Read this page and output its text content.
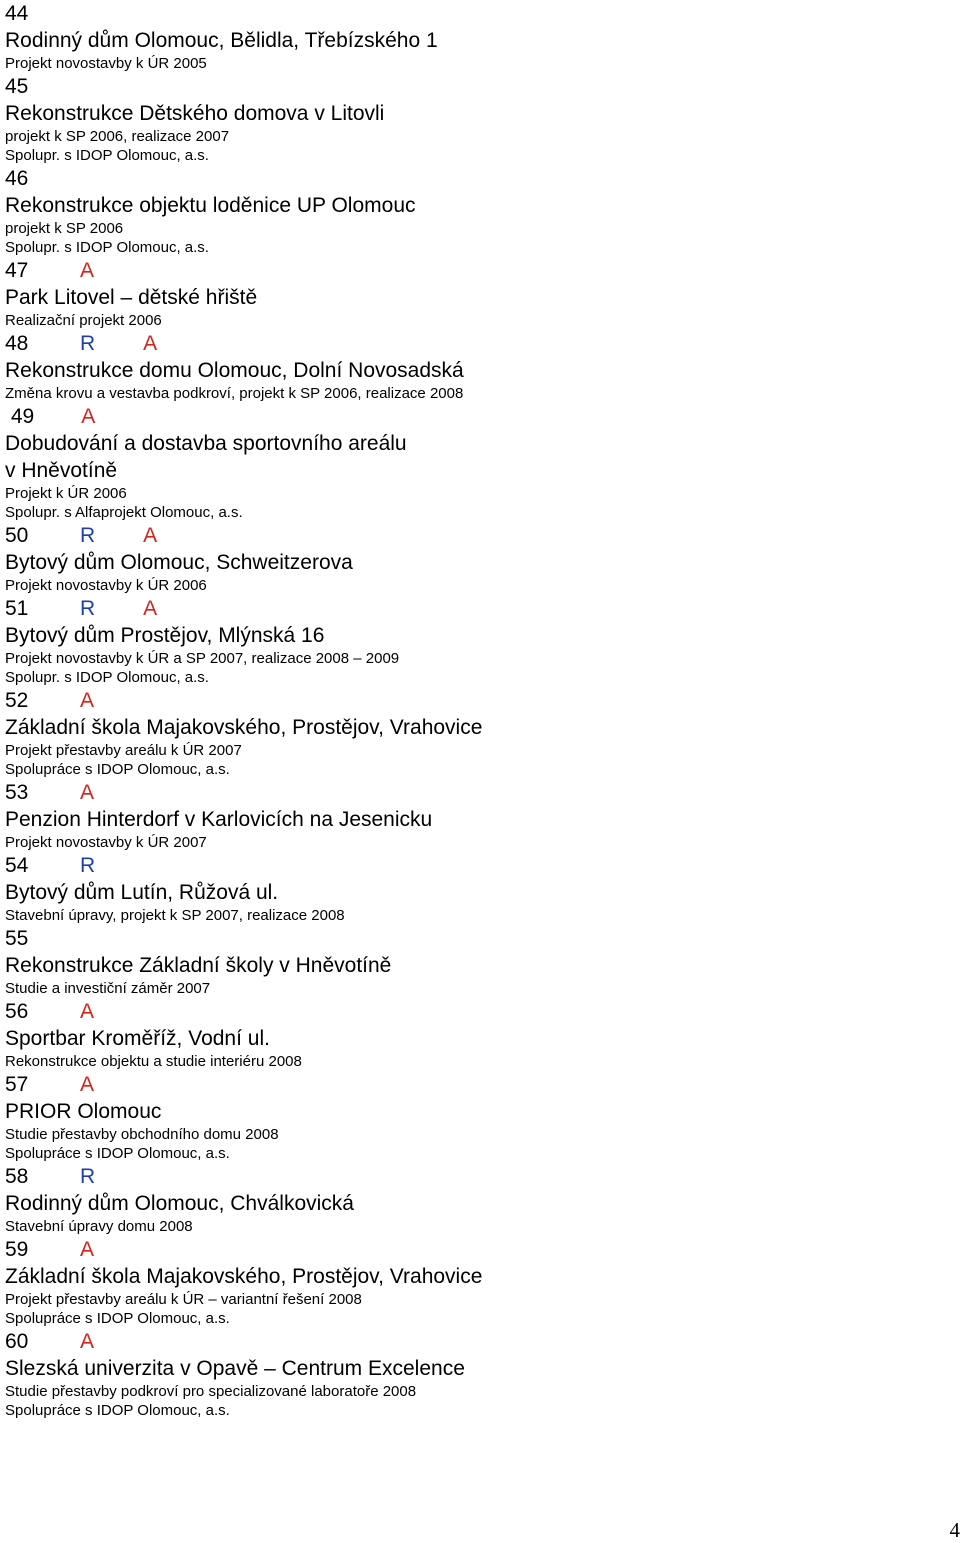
44
Rodinný dům Olomouc, Bělidla, Třebízského 1
Projekt novostavby k ÚR 2005
45
Rekonstrukce Dětského domova v Litovli
projekt k SP 2006, realizace 2007
Spolupr. s IDOP Olomouc, a.s.
46
Rekonstrukce objektu loděnice UP Olomouc
projekt k SP 2006
Spolupr. s IDOP Olomouc, a.s.
47 A
Park Litovel – dětské hřiště
Realizační projekt 2006
48 R A
Rekonstrukce domu Olomouc, Dolní Novosadská
Změna krovu a vestavba podkroví, projekt k SP 2006, realizace 2008
49 A
Dobudování a dostavba sportovního areálu
v Hněvotíně
Projekt k ÚR 2006
Spolupr. s Alfaprojekt Olomouc, a.s.
50 R A
Bytový dům Olomouc, Schweitzerova
Projekt novostavby k ÚR 2006
51 R A
Bytový dům Prostějov, Mlýnská 16
Projekt novostavby k ÚR a SP 2007, realizace 2008 – 2009
Spolupr. s IDOP Olomouc, a.s.
52 A
Základní škola Majakovského, Prostějov, Vrahovice
Projekt přestavby areálu k ÚR 2007
Spolupráce s IDOP Olomouc, a.s.
53 A
Penzion Hinterdorf v Karlovicích na Jesenicku
Projekt novostavby k ÚR 2007
54 R
Bytový dům Lutín, Růžová ul.
Stavební úpravy, projekt k SP 2007, realizace 2008
55
Rekonstrukce Základní školy v Hněvotíně
Studie a investiční záměr 2007
56 A
Sportbar Kroměříž, Vodní ul.
Rekonstrukce objektu a studie interiéru 2008
57 A
PRIOR Olomouc
Studie přestavby obchodního domu 2008
Spolupráce s IDOP Olomouc, a.s.
58 R
Rodinný dům Olomouc, Chválkovická
Stavební úpravy domu 2008
59 A
Základní škola Majakovského, Prostějov, Vrahovice
Projekt přestavby areálu k ÚR – variantní řešení 2008
Spolupráce s IDOP Olomouc, a.s.
60 A
Slezská univerzita v Opavě – Centrum Excelence
Studie přestavby podkroví pro specializované laboratoře 2008
Spolupráce s IDOP Olomouc, a.s.
4
